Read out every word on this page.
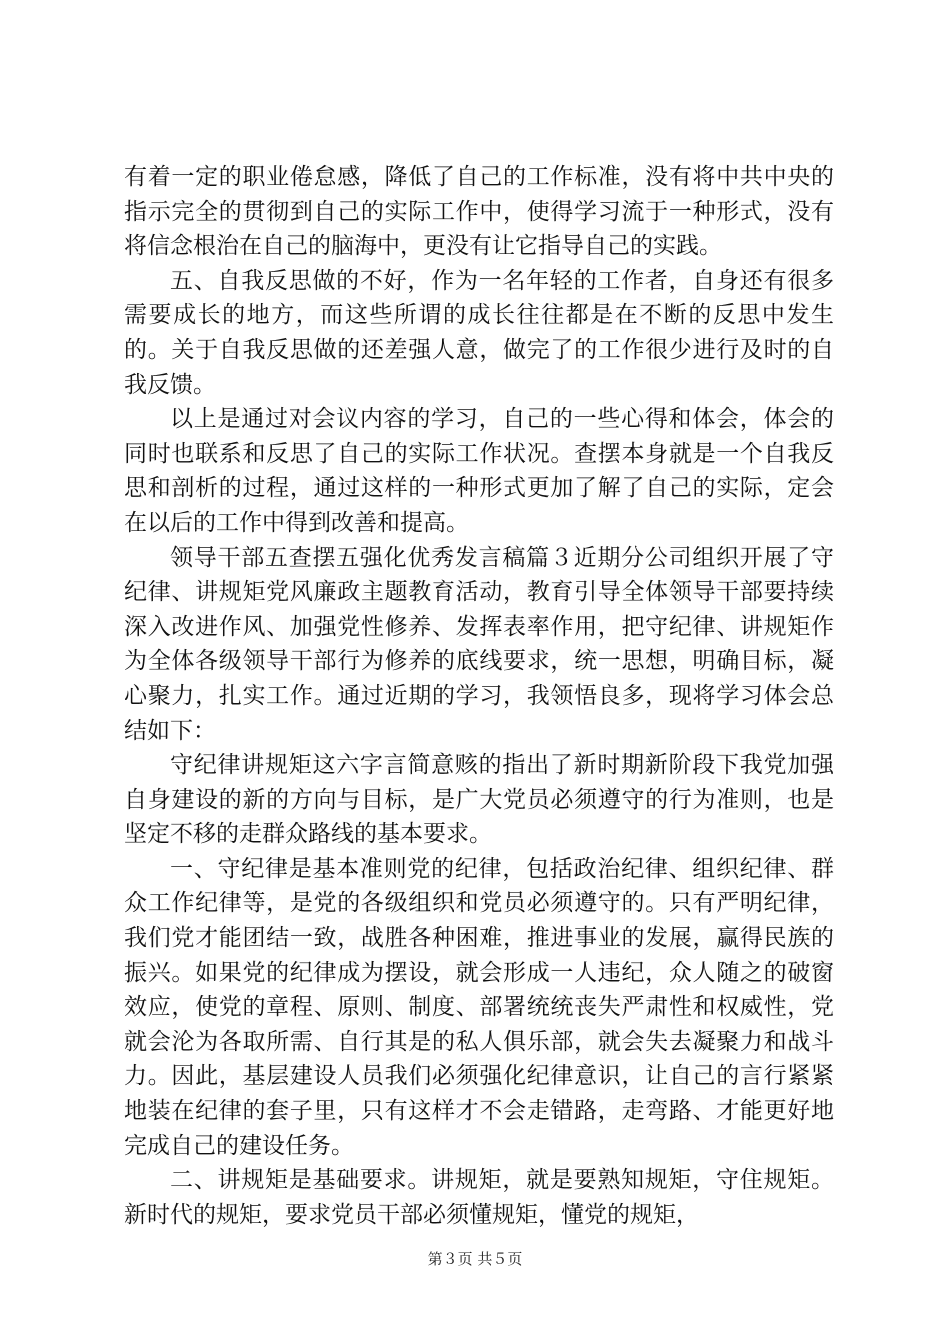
有着一定的职业倦怠感，降低了自己的工作标准，没有将中共中央的指示完全的贯彻到自己的实际工作中，使得学习流于一种形式，没有将信念根治在自己的脑海中，更没有让它指导自己的实践。

五、自我反思做的不好，作为一名年轻的工作者，自身还有很多需要成长的地方，而这些所谓的成长往往都是在不断的反思中发生的。关于自我反思做的还差强人意，做完了的工作很少进行及时的自我反馈。

以上是通过对会议内容的学习，自己的一些心得和体会，体会的同时也联系和反思了自己的实际工作状况。查摆本身就是一个自我反思和剖析的过程，通过这样的一种形式更加了解了自己的实际，定会在以后的工作中得到改善和提高。

领导干部五查摆五强化优秀发言稿篇３近期分公司组织开展了守纪律、讲规矩党风廉政主题教育活动，教育引导全体领导干部要持续深入改进作风、加强党性修养、发挥表率作用，把守纪律、讲规矩作为全体各级领导干部行为修养的底线要求，统一思想，明确目标，凝心聚力，扎实工作。通过近期的学习，我领悟良多，现将学习体会总结如下：

守纪律讲规矩这六字言简意赅的指出了新时期新阶段下我党加强自身建设的新的方向与目标，是广大党员必须遵守的行为准则，也是坚定不移的走群众路线的基本要求。

一、守纪律是基本准则党的纪律，包括政治纪律、组织纪律、群众工作纪律等，是党的各级组织和党员必须遵守的。只有严明纪律，我们党才能团结一致，战胜各种困难，推进事业的发展，赢得民族的振兴。如果党的纪律成为摆设，就会形成一人违纪，众人随之的破窗效应，使党的章程、原则、制度、部署统统丧失严肃性和权威性，党就会沦为各取所需、自行其是的私人俱乐部，就会失去凝聚力和战斗力。因此，基层建设人员我们必须强化纪律意识，让自己的言行紧紧地装在纪律的套子里，只有这样才不会走错路，走弯路、才能更好地完成自己的建设任务。

二、讲规矩是基础要求。讲规矩，就是要熟知规矩，守住规矩。新时代的规矩，要求党员干部必须懂规矩，懂党的规矩，

第３页 共５页
